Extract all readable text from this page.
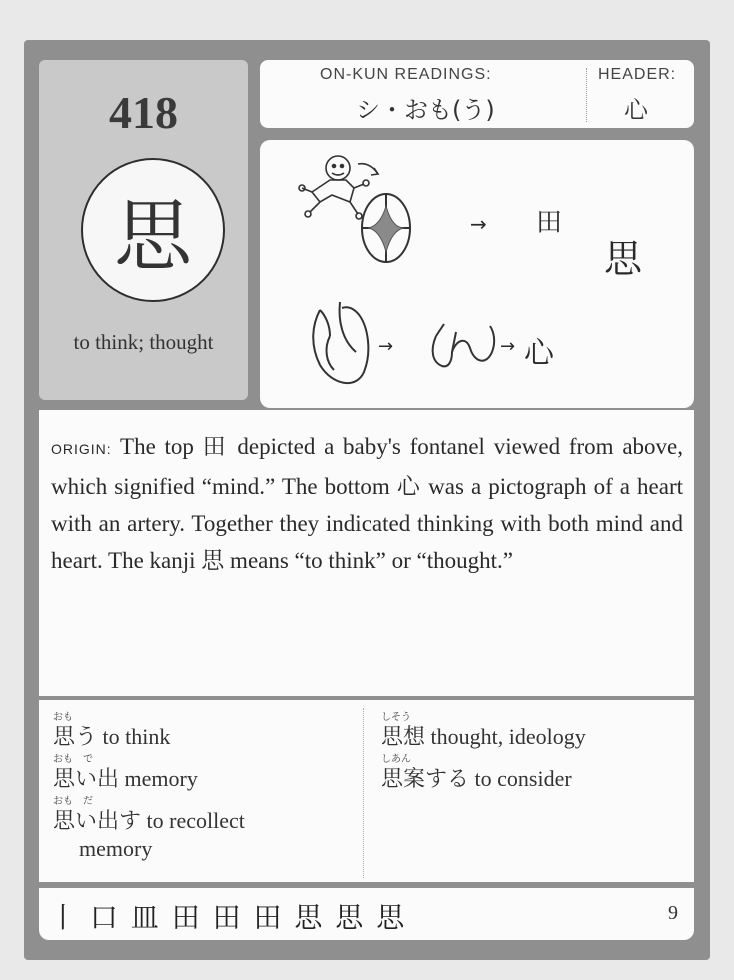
418
思
to think; thought
ON-KUN READINGS:
シ・おも(う)
HEADER:
心
→ 田
思
→	→ 心
ORIGIN: The top 田 depicted a baby's fontanel viewed from above, which signified “mind.” The bottom 心 was a pictograph of a heart with an artery. Together they indicated thinking with both mind and heart. The kanji 思 means “to think” or “thought.”
おも
思う to think
おも　で
思い出 memory
おも　だ
思い出す to recollect
memory
しそう
思想 thought, ideology
しあん
思案する to consider
丨 口 皿 田 田 田 思 思 思	9
